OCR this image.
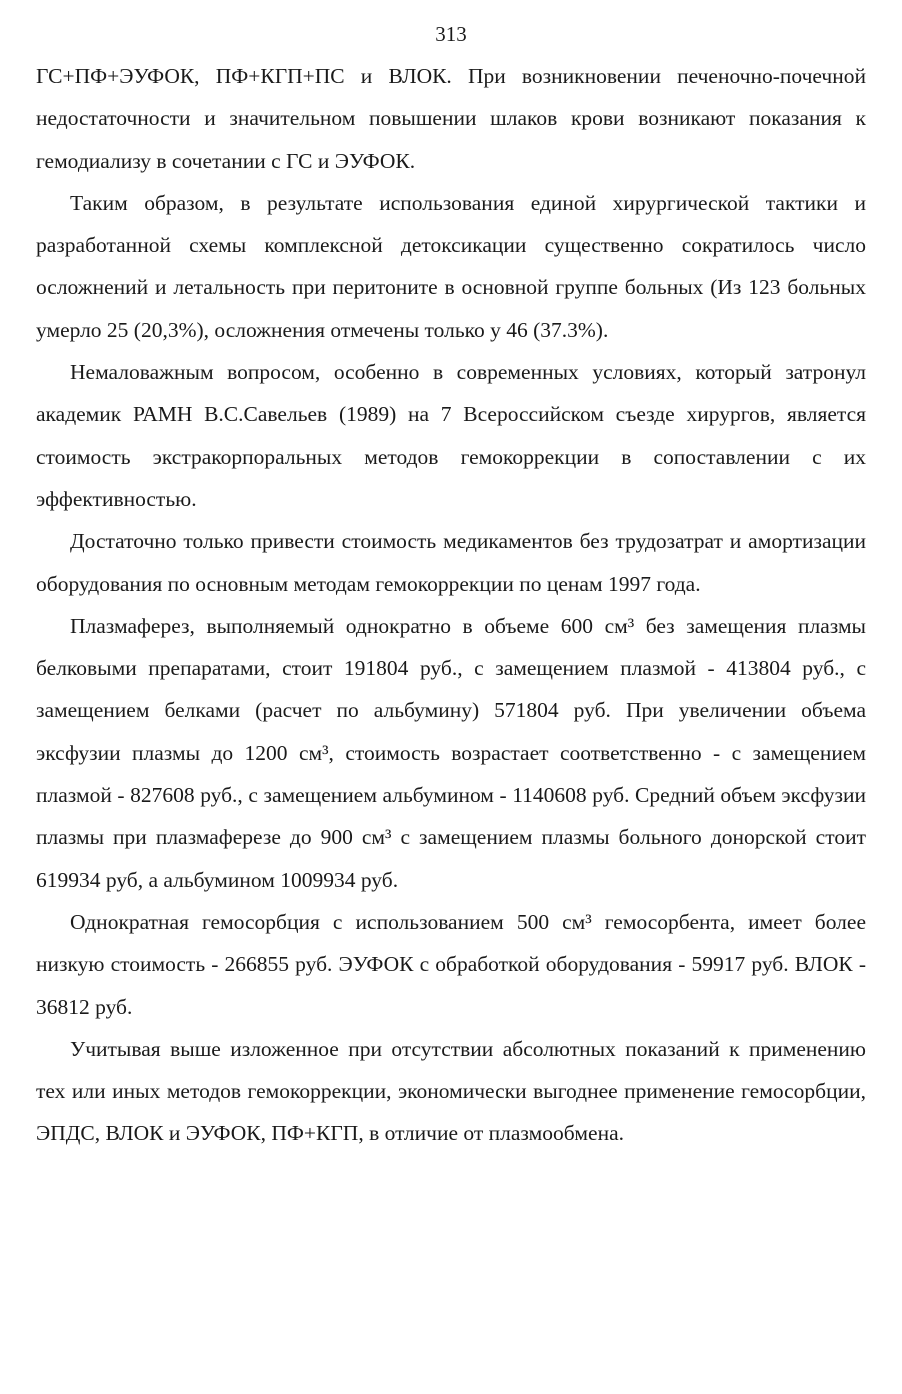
313

ГС+ПФ+ЭУФОК, ПФ+КГП+ПС и ВЛОК. При возникновении печеночно-почечной недостаточности и значительном повышении шлаков крови возникают показания к гемодиализу в сочетании с ГС и ЭУФОК.

Таким образом, в результате использования единой хирургической тактики и разработанной схемы комплексной детоксикации существенно сократилось число осложнений и летальность при перитоните в основной группе больных (Из 123 больных умерло 25 (20,3%), осложнения отмечены только у 46 (37.3%).

Немаловажным вопросом, особенно в современных условиях, который затронул академик РАМН В.С.Савельев (1989) на 7 Всероссийском съезде хирургов, является стоимость экстракорпоральных методов гемокоррекции в сопоставлении с их эффективностью.

Достаточно только привести стоимость медикаментов без трудозатрат и амортизации оборудования по основным методам гемокоррекции по ценам 1997 года.

Плазмаферез, выполняемый однократно в объеме 600 см³ без замещения плазмы белковыми препаратами, стоит 191804 руб., с замещением плазмой - 413804 руб., с замещением белками (расчет по альбумину) 571804 руб. При увеличении объема эксфузии плазмы до 1200 см³, стоимость возрастает соответственно - с замещением плазмой - 827608 руб., с замещением альбумином - 1140608 руб. Средний объем эксфузии плазмы при плазмаферезе до 900 см³ с замещением плазмы больного донорской стоит 619934 руб, а альбумином 1009934 руб.

Однократная гемосорбция с использованием 500 см³ гемосорбента, имеет более низкую стоимость - 266855 руб. ЭУФОК с обработкой оборудования - 59917 руб. ВЛОК - 36812 руб.

Учитывая выше изложенное при отсутствии абсолютных показаний к применению тех или иных методов гемокоррекции, экономически выгоднее применение гемосорбции, ЭПДС, ВЛОК и ЭУФОК, ПФ+КГП, в отличие от плазмообмена.
